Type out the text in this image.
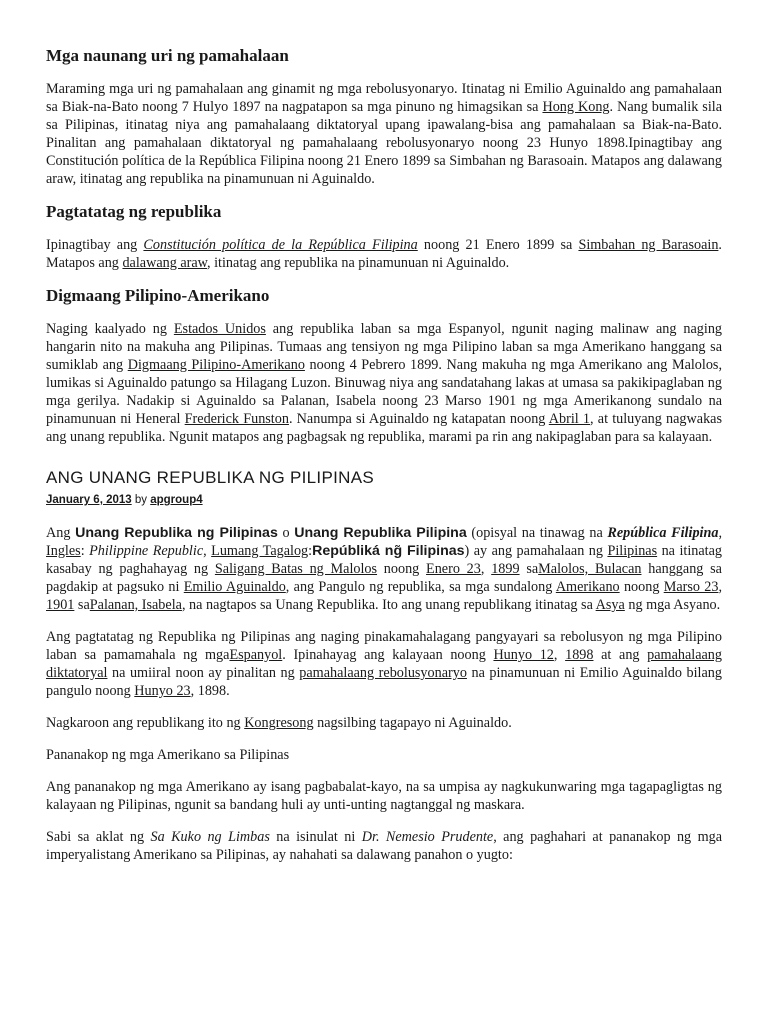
Mga naunang uri ng pamahalaan

Maraming mga uri ng pamahalaan ang ginamit ng mga rebolusyonaryo. Itinatag ni Emilio Aguinaldo ang pamahalaan sa Biak-na-Bato noong 7 Hulyo 1897 na nagpatapon sa mga pinuno ng himagsikan sa Hong Kong. Nang bumalik sila sa Pilipinas, itinatag niya ang pamahalaang diktatoryal upang ipawalang-bisa ang pamahalaan sa Biak-na-Bato. Pinalitan ang pamahalaan diktatoryal ng pamahalaang rebolusyonaryo noong 23 Hunyo 1898.Ipinagtibay ang Constitución política de la República Filipina noong 21 Enero 1899 sa Simbahan ng Barasoain. Matapos ang dalawang araw, itinatag ang republika na pinamunuan ni Aguinaldo.

Pagtatatag ng republika

Ipinagtibay ang Constitución política de la República Filipina noong 21 Enero 1899 sa Simbahan ng Barasoain. Matapos ang dalawang araw, itinatag ang republika na pinamunuan ni Aguinaldo.

Digmaang Pilipino-Amerikano

Naging kaalyado ng Estados Unidos ang republika laban sa mga Espanyol, ngunit naging malinaw ang naging hangarin nito na makuha ang Pilipinas. Tumaas ang tensiyon ng mga Pilipino laban sa mga Amerikano hanggang sa sumiklab ang Digmaang Pilipino-Amerikano noong 4 Pebrero 1899. Nang makuha ng mga Amerikano ang Malolos, lumikas si Aguinaldo patungo sa Hilagang Luzon. Binuwag niya ang sandatahang lakas at umasa sa pakikipaglaban ng mga gerilya. Nadakip si Aguinaldo sa Palanan, Isabela noong 23 Marso 1901 ng mga Amerikanong sundalo na pinamunuan ni Heneral Frederick Funston. Nanumpa si Aguinaldo ng katapatan noong Abril 1, at tuluyang nagwakas ang unang republika. Ngunit matapos ang pagbagsak ng republika, marami pa rin ang nakipaglaban para sa kalayaan.

ANG UNANG REPUBLIKA NG PILIPINAS
January 6, 2013 by apgroup4

Ang Unang Republika ng Pilipinas o Unang Republika Pilipina (opisyal na tinawag na República Filipina, Ingles: Philippine Republic, Lumang Tagalog:Repúbliká ng̃ Filipinas) ay ang pamahalaan ng Pilipinas na itinatag kasabay ng paghahayag ng Saligang Batas ng Malolos noong Enero 23, 1899 saMalolos, Bulacan hanggang sa pagdakip at pagsuko ni Emilio Aguinaldo, ang Pangulo ng republika, sa mga sundalong Amerikano noong Marso 23, 1901 saPalanan, Isabela, na nagtapos sa Unang Republika. Ito ang unang republikang itinatag sa Asya ng mga Asyano.

Ang pagtatatag ng Republika ng Pilipinas ang naging pinakamahalagang pangyayari sa rebolusyon ng mga Pilipino laban sa pamamahala ng mgaEspanyol. Ipinahayag ang kalayaan noong Hunyo 12, 1898 at ang pamahalaang diktatoryal na umiiral noon ay pinalitan ng pamahalaang rebolusyonaryo na pinamunuan ni Emilio Aguinaldo bilang pangulo noong Hunyo 23, 1898.

Nagkaroon ang republikang ito ng Kongresong nagsilbing tagapayo ni Aguinaldo.

Pananakop ng mga Amerikano sa Pilipinas

Ang pananakop ng mga Amerikano ay isang pagbabalat-kayo, na sa umpisa ay nagkukunwaring mga tagapagligtas ng kalayaan ng Pilipinas, ngunit sa bandang huli ay unti-unting nagtanggal ng maskara.

Sabi sa aklat ng Sa Kuko ng Limbas na isinulat ni Dr. Nemesio Prudente, ang paghahari at pananakop ng mga imperyalistang Amerikano sa Pilipinas, ay nahahati sa dalawang panahon o yugto:
